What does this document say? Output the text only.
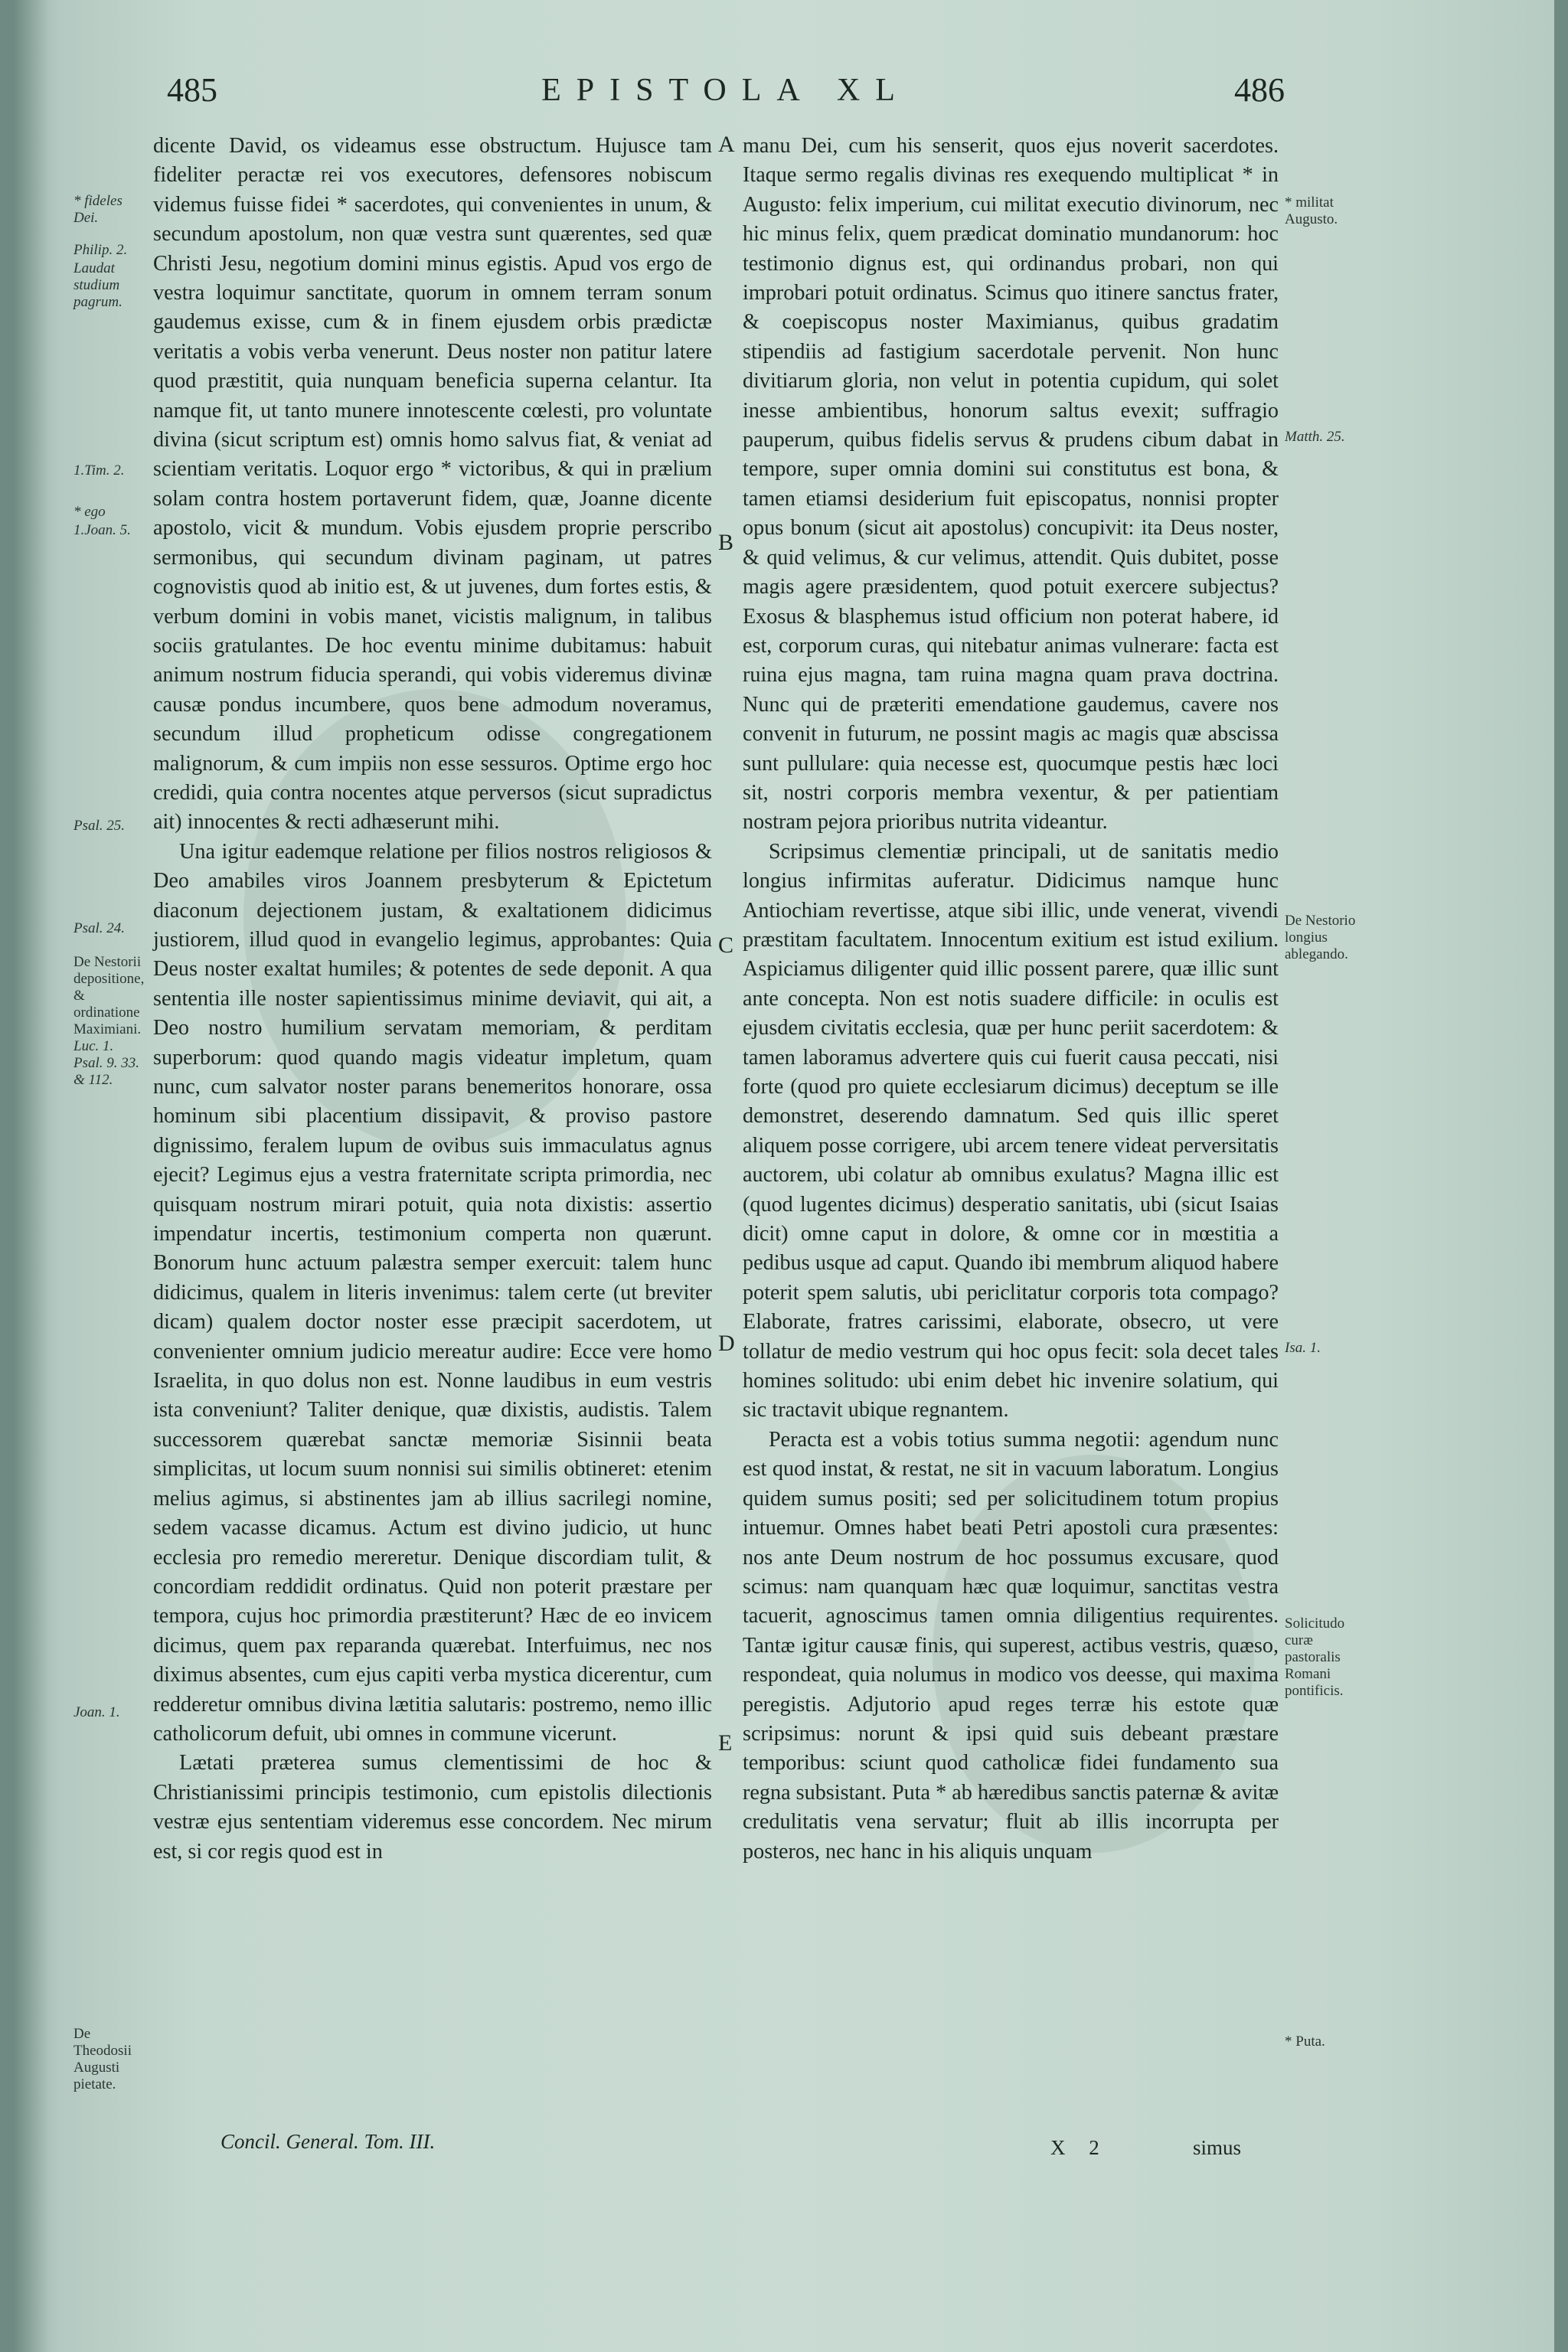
485	EPISTOLA XL	486
* fideles Dei.
Philip. 2.
Laudat studium pagrum.
1.Tim. 2.
* ego
1.Joan. 5.
Psal. 25.
Psal. 24.
De Nestorii depositione, & ordinatione Maximiani.
Luc. 1.
Psal. 9. 33.
& 112.
Joan. 1.
De Theodosii Augusti pietate.
A
B
C
D
E

dicente David, os videamus esse obstructum. Hujusce tam fideliter peractæ rei vos executores, defensores nobiscum videmus fuisse fidei * sacerdotes, qui convenientes in unum, & secundum apostolum, non quæ vestra sunt quærentes, sed quæ Christi Jesu, negotium domini minus egistis. Apud vos ergo de vestra loquimur sanctitate, quorum in omnem terram sonum gaudemus exisse, cum & in finem ejusdem orbis prædictæ veritatis a vobis verba venerunt. Deus noster non patitur latere quod præstitit, quia nunquam beneficia superna celantur. Ita namque fit, ut tanto munere innotescente cœlesti, pro voluntate divina (sicut scriptum est) omnis homo salvus fiat, & veniat ad scientiam veritatis. Loquor ergo * victoribus, & qui in prælium solam contra hostem portaverunt fidem, quæ, Joanne dicente apostolo, vicit & mundum. Vobis ejusdem proprie perscribo sermonibus, qui secundum divinam paginam, ut patres cognovistis quod ab initio est, & ut juvenes, dum fortes estis, & verbum domini in vobis manet, vicistis malignum, in talibus sociis gratulantes. De hoc eventu minime dubitamus: habuit animum nostrum fiducia sperandi, qui vobis videremus divinæ causæ pondus incumbere, quos bene admodum noveramus, secundum illud propheticum odisse congregationem malignorum, & cum impiis non esse sessuros. Optime ergo hoc credidi, quia contra nocentes atque perversos (sicut supradictus ait) innocentes & recti adhæserunt mihi.

Una igitur eademque relatione per filios nostros religiosos & Deo amabiles viros Joannem presbyterum & Epictetum diaconum dejectionem justam, & exaltationem didicimus justiorem, illud quod in evangelio legimus, approbantes: Quia Deus noster exaltat humiles; & potentes de sede deponit. A qua sententia ille noster sapientissimus minime deviavit, qui ait, a Deo nostro humilium servatam memoriam, & perditam superborum: quod quando magis videatur impletum, quam nunc, cum salvator noster parans benemeritos honorare, ossa hominum sibi placentium dissipavit, & proviso pastore dignissimo, feralem lupum de ovibus suis immaculatus agnus ejecit? Legimus ejus a vestra fraternitate scripta primordia, nec quisquam nostrum mirari potuit, quia nota dixistis: assertio impendatur incertis, testimonium comperta non quærunt. Bonorum hunc actuum palæstra semper exercuit: talem hunc didicimus, qualem in literis invenimus: talem certe (ut breviter dicam) qualem doctor noster esse præcipit sacerdotem, ut convenienter omnium judicio mereatur audire: Ecce vere homo Israelita, in quo dolus non est. Nonne laudibus in eum vestris ista conveniunt? Taliter denique, quæ dixistis, audistis. Talem successorem quærebat sanctæ memoriæ Sisinnii beata simplicitas, ut locum suum nonnisi sui similis obtineret: etenim melius agimus, si abstinentes jam ab illius sacrilegi nomine, sedem vacasse dicamus. Actum est divino judicio, ut hunc ecclesia pro remedio mereretur. Denique discordiam tulit, & concordiam reddidit ordinatus. Quid non poterit præstare per tempora, cujus hoc primordia præstiterunt? Hæc de eo invicem dicimus, quem pax reparanda quærebat. Interfuimus, nec nos diximus absentes, cum ejus capiti verba mystica dicerentur, cum redderetur omnibus divina lætitia salutaris: postremo, nemo illic catholicorum defuit, ubi omnes in commune vicerunt.

Lætati præterea sumus clementissimi de hoc & Christianissimi principis testimonio, cum epistolis dilectionis vestræ ejus sententiam videremus esse concordem. Nec mirum est, si cor regis quod est in

manu Dei, cum his senserit, quos ejus noverit sacerdotes. Itaque sermo regalis divinas res exequendo multiplicat * in Augusto: felix imperium, cui militat executio divinorum, nec hic minus felix, quem prædicat dominatio mundanorum: hoc testimonio dignus est, qui ordinandus probari, non qui improbari potuit ordinatus. Scimus quo itinere sanctus frater, & coepiscopus noster Maximianus, quibus gradatim stipendiis ad fastigium sacerdotale pervenit. Non hunc divitiarum gloria, non velut in potentia cupidum, qui solet inesse ambientibus, honorum saltus evexit; suffragio pauperum, quibus fidelis servus & prudens cibum dabat in tempore, super omnia domini sui constitutus est bona, & tamen etiamsi desiderium fuit episcopatus, nonnisi propter opus bonum (sicut ait apostolus) concupivit: ita Deus noster, & quid velimus, & cur velimus, attendit. Quis dubitet, posse magis agere præsidentem, quod potuit exercere subjectus? Exosus & blasphemus istud officium non poterat habere, id est, corporum curas, qui nitebatur animas vulnerare: facta est ruina ejus magna, tam ruina magna quam prava doctrina. Nunc qui de præteriti emendatione gaudemus, cavere nos convenit in futurum, ne possint magis ac magis quæ abscissa sunt pullulare: quia necesse est, quocumque pestis hæc loci sit, nostri corporis membra vexentur, & per patientiam nostram pejora prioribus nutrita videantur.

Scripsimus clementiæ principali, ut de sanitatis medio longius infirmitas auferatur. Didicimus namque hunc Antiochiam revertisse, atque sibi illic, unde venerat, vivendi præstitam facultatem. Innocentum exitium est istud exilium. Aspiciamus diligenter quid illic possent parere, quæ illic sunt ante concepta. Non est notis suadere difficile: in oculis est ejusdem civitatis ecclesia, quæ per hunc periit sacerdotem: & tamen laboramus advertere quis cui fuerit causa peccati, nisi forte (quod pro quiete ecclesiarum dicimus) deceptum se ille demonstret, deserendo damnatum. Sed quis illic speret aliquem posse corrigere, ubi arcem tenere videat perversitatis auctorem, ubi colatur ab omnibus exulatus? Magna illic est (quod lugentes dicimus) desperatio sanitatis, ubi (sicut Isaias dicit) omne caput in dolore, & omne cor in mœstitia a pedibus usque ad caput. Quando ibi membrum aliquod habere poterit spem salutis, ubi periclitatur corporis tota compago? Elaborate, fratres carissimi, elaborate, obsecro, ut vere tollatur de medio vestrum qui hoc opus fecit: sola decet tales homines solitudo: ubi enim debet hic invenire solatium, qui sic tractavit ubique regnantem.

Peracta est a vobis totius summa negotii: agendum nunc est quod instat, & restat, ne sit in vacuum laboratum. Longius quidem sumus positi; sed per solicitudinem totum propius intuemur. Omnes habet beati Petri apostoli cura præsentes: nos ante Deum nostrum de hoc possumus excusare, quod scimus: nam quanquam hæc quæ loquimur, sanctitas vestra tacuerit, agnoscimus tamen omnia diligentius requirentes. Tantæ igitur causæ finis, qui superest, actibus vestris, quæso, respondeat, quia nolumus in modico vos deesse, qui maxima peregistis. Adjutorio apud reges terræ his estote quæ scripsimus: norunt & ipsi quid suis debeant præstare temporibus: sciunt quod catholicæ fidei fundamento sua regna subsistant. Puta * ab hæredibus sanctis paternæ & avitæ credulitatis vena servatur; fluit ab illis incorrupta per posteros, nec hanc in his aliquis unquam

* militat Augusto.
Matth. 25.
De Nestorio longius ablegando.
Isa. 1.
Solicitudo curæ pastoralis Romani pontificis.
* Puta.
Concil. General. Tom. III.	X 2	simus
